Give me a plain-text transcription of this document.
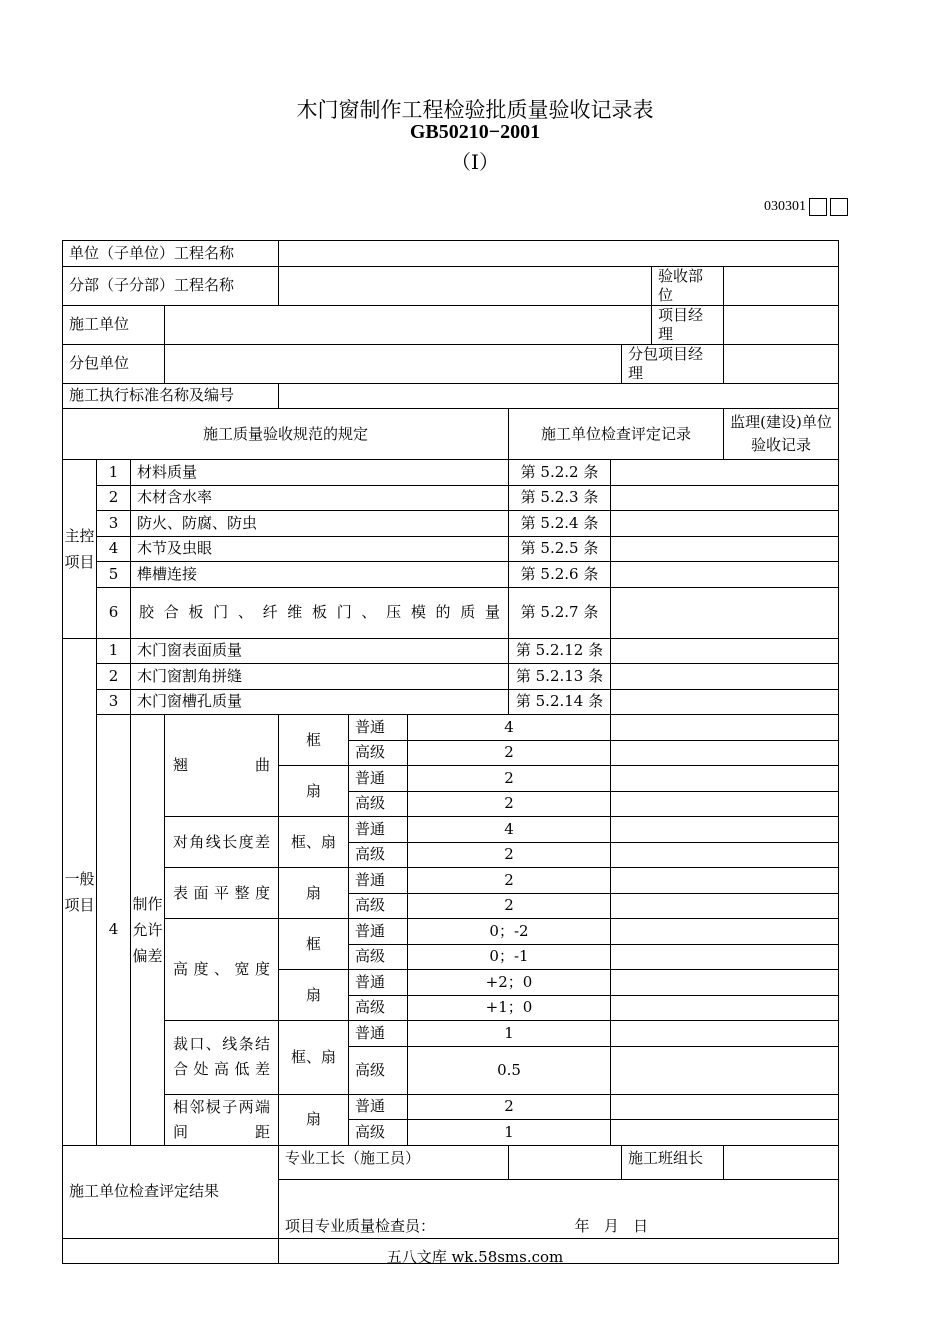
木门窗制作工程检验批质量验收记录表
GB50210−2001
（Ⅰ）
030301

单位（子单位）工程名称													
分部（子分部）工程名称											验收部位		
施工单位											项目经理		
分包单位										分包项目经理			
施工执行标准名称及编号													
施工质量验收规范的规定								施工单位检查评定记录				监理(建设)单位验收记录	
主控项目	1	材料质量						第 5.2.2 条					
	2	木材含水率						第 5.2.3 条					
	3	防火、防腐、防虫						第 5.2.4 条					
	4	木节及虫眼						第 5.2.5 条					
	5	榫槽连接						第 5.2.6 条					
	6	胶合板门、纤维板门、压模的质量						第 5.2.7 条					
一般项目	1	木门窗表面质量						第 5.2.12 条					
	2	木门窗割角拼缝						第 5.2.13 条					
	3	木门窗槽孔质量						第 5.2.14 条					
	4	制作允许偏差	翘曲	框	普通		4						
					高级		2						
				扇	普通		2						
					高级		2						
			对角线长度差	框、扇	普通		4						
					高级		2						
			表面平整度	扇	普通		2						
					高级		2						
			高度、宽度	框	普通		0；-2						
					高级		0；-1						
				扇	普通		+2；0						
					高级		+1；0						
			裁口、线条结合处高低差	框、扇	普通		1						
					高级		0.5						
			相邻棂子两端间距	扇	普通		2						
					高级		1						
施工单位检查评定结果				专业工长（施工员）						施工班组长			
				项目专业质量检查员： 年   月   日									

五八文库 wk.58sms.com
